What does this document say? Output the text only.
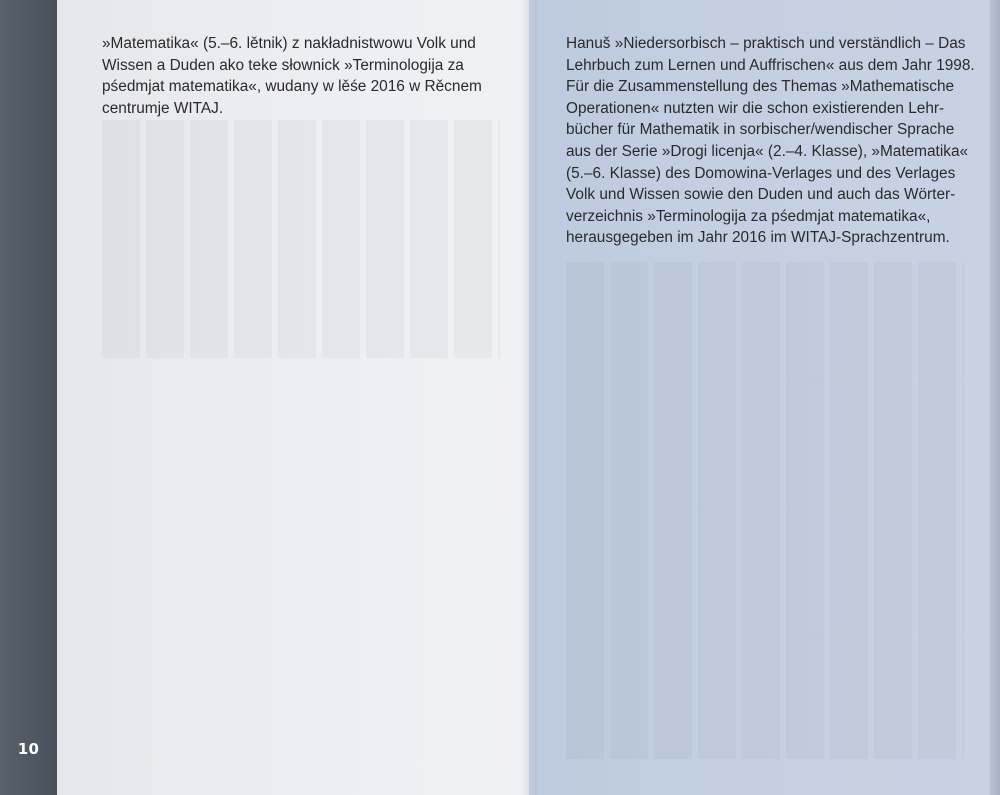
10

»Matematika« (5.–6. lětnik) z nakładnistwowu Volk und
Wissen a Duden ako teke słownick »Terminologija za
pśedmjat matematika«, wudany w lěśe 2016 w Rěcnem
centrumje WITAJ.

Hanuš »Niedersorbisch – praktisch und verständlich – Das
Lehrbuch zum Lernen und Auffrischen« aus dem Jahr 1998.
Für die Zusammenstellung des Themas »Mathematische
Operationen« nutzten wir die schon existierenden Lehr-
bücher für Mathematik in sorbischer/wendischer Sprache
aus der Serie »Drogi licenja« (2.–4. Klasse), »Matematika«
(5.–6. Klasse) des Domowina-Verlages und des Verlages
Volk und Wissen sowie den Duden und auch das Wörter-
verzeichnis »Terminologija za pśedmjat matematika«,
herausgegeben im Jahr 2016 im WITAJ-Sprachzentrum.
